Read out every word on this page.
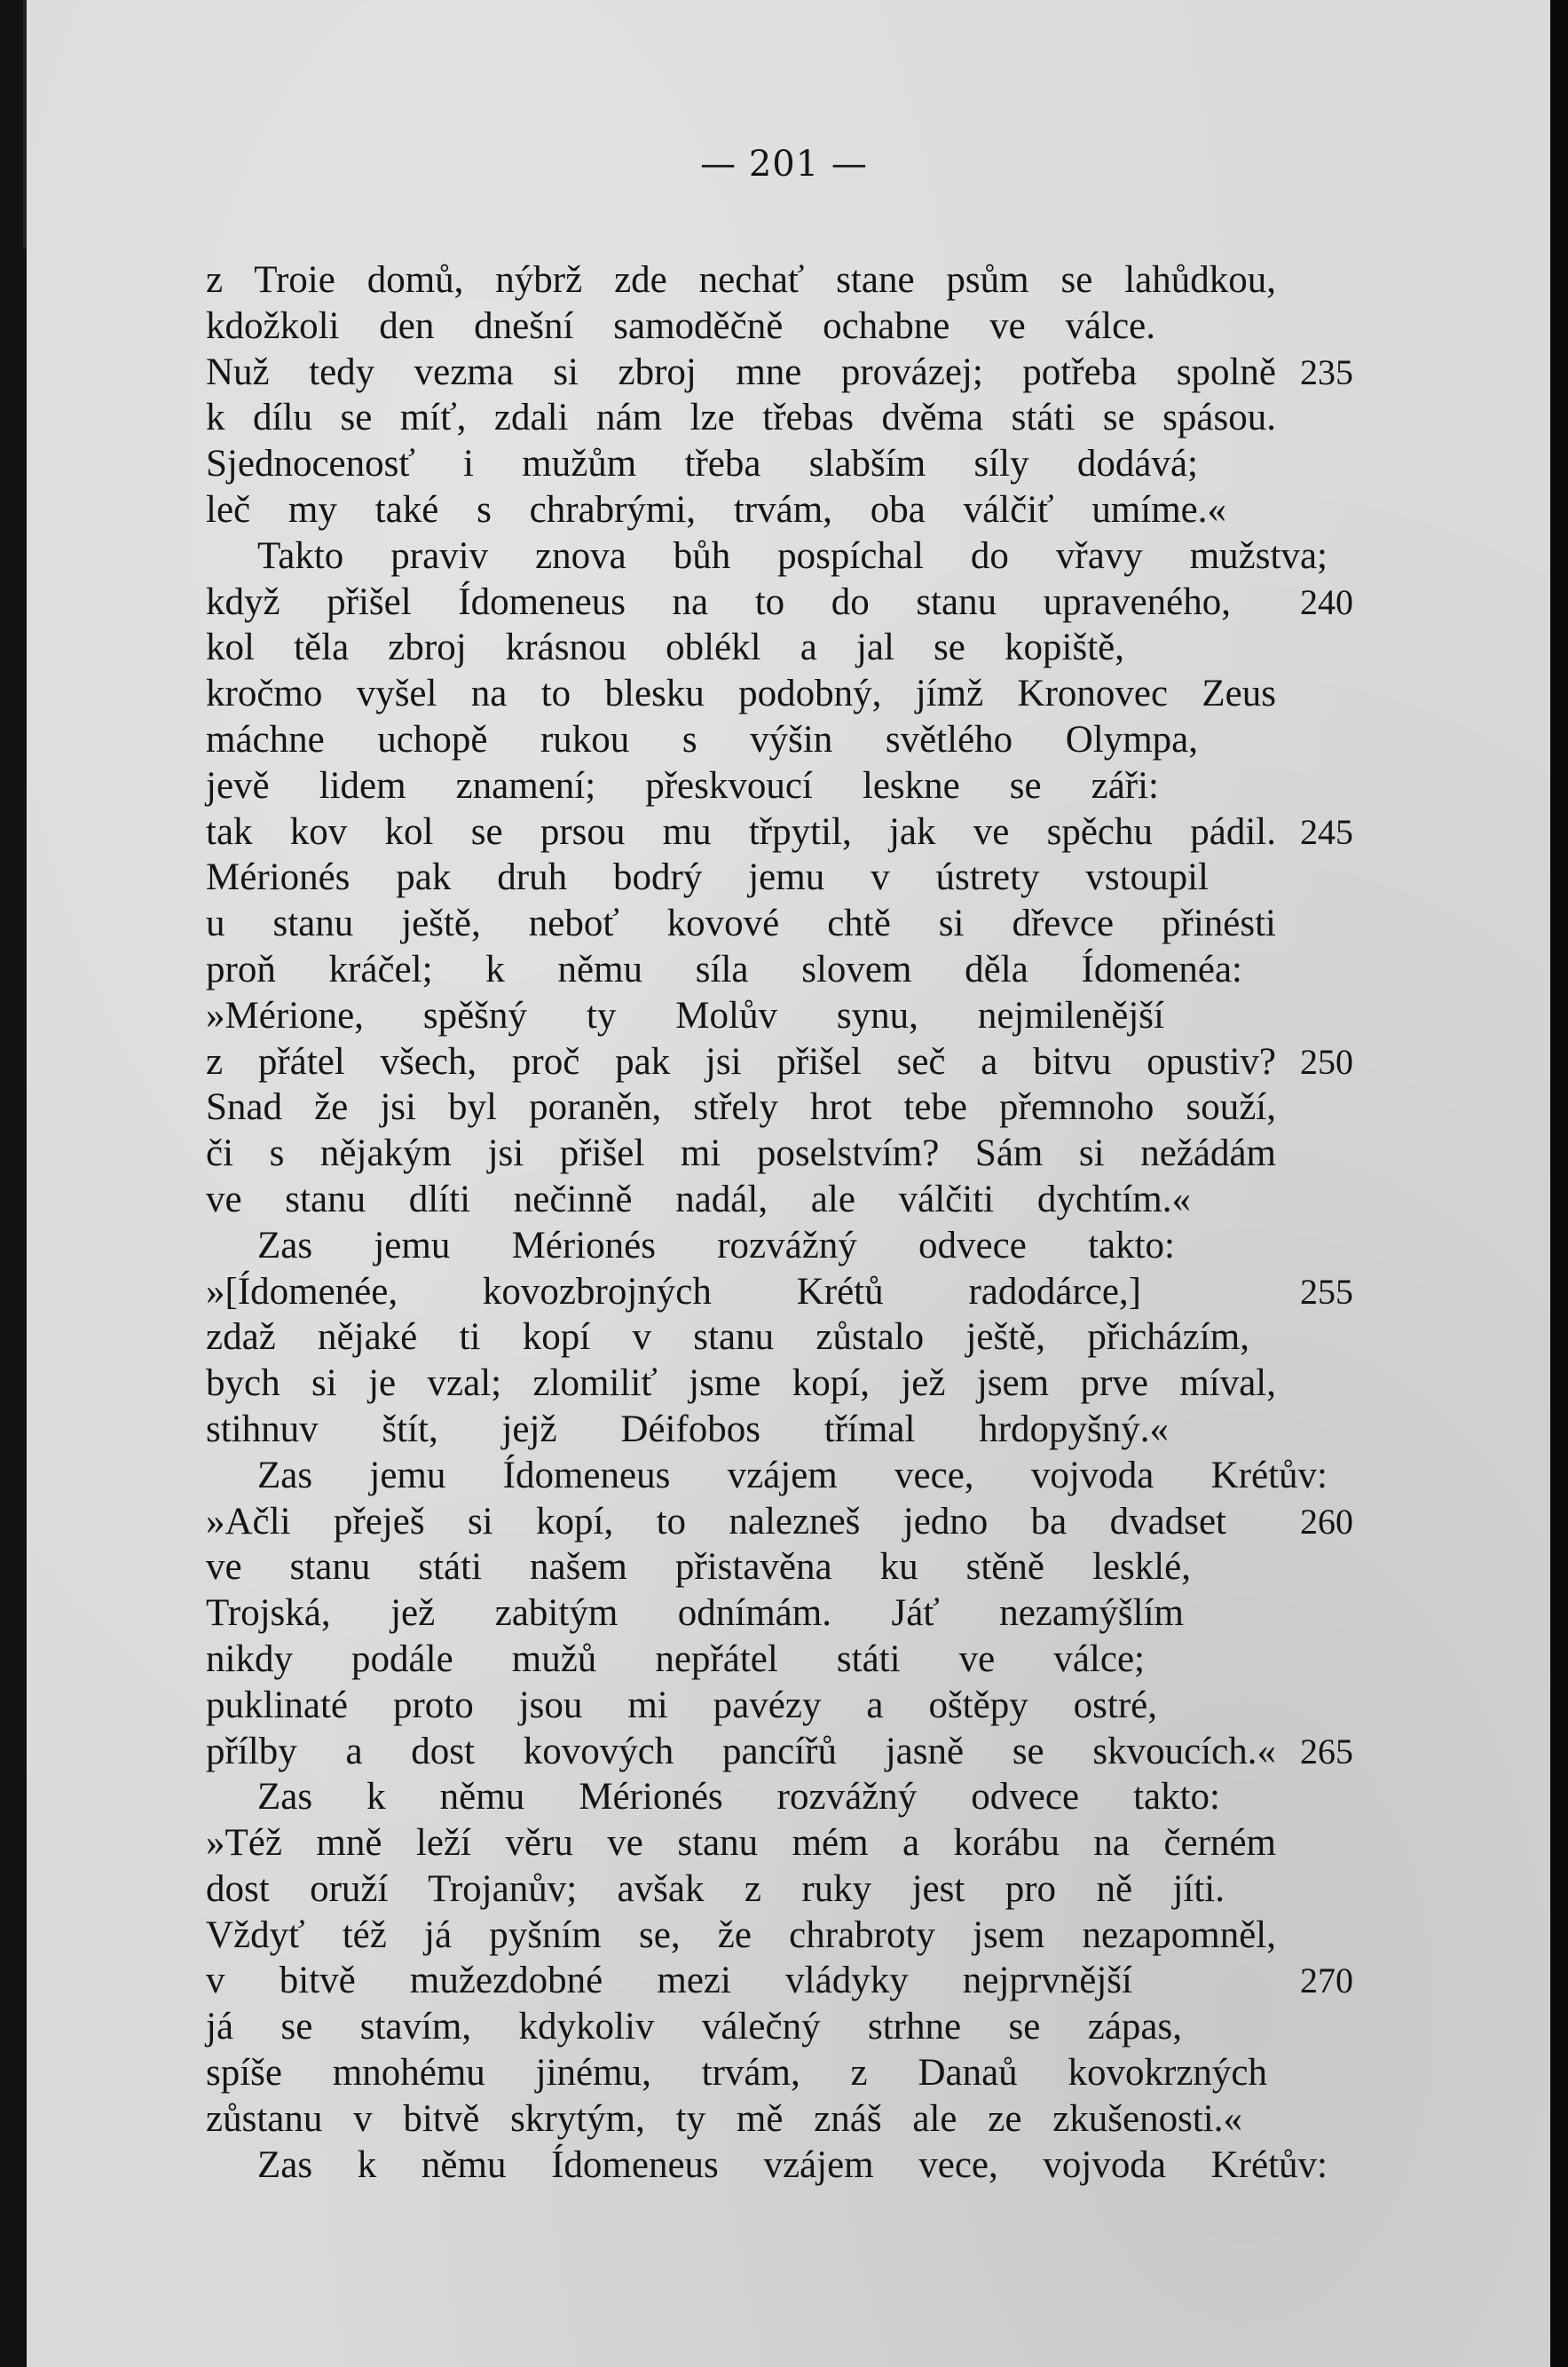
— 201 —
z Troie domů, nýbrž zde nechať stane psům se lahůdkou,
kdožkoli den dnešní samoděčně ochabne ve válce.
Nuž tedy vezma si zbroj mne provázej; potřeba spolně 235
k dílu se míť, zdali nám lze třebas dvěma státi se spásou.
Sjednocenosť i mužům třeba slabším síly dodává;
leč my také s chrabrými, trvám, oba válčiť umíme.«
Takto praviv znova bůh pospíchal do vřavy mužstva;
když přišel Ídomeneus na to do stanu upraveného, 240
kol těla zbroj krásnou oblékl a jal se kopiště,
kročmo vyšel na to blesku podobný, jímž Kronovec Zeus
máchne uchopě rukou s výšin světlého Olympa,
jevě lidem znamení; přeskvoucí leskne se záři:
tak kov kol se prsou mu třpytil, jak ve spěchu pádil. 245
Mérionés pak druh bodrý jemu v ústrety vstoupil
u stanu ještě, neboť kovové chtě si dřevce přinésti
proň kráčel; k němu síla slovem děla Ídomenéa:
»Mérione, spěšný ty Molův synu, nejmilenější
z přátel všech, proč pak jsi přišel seč a bitvu opustiv? 250
Snad že jsi byl poraněn, střely hrot tebe přemnoho souží,
či s nějakým jsi přišel mi poselstvím? Sám si nežádám
ve stanu dlíti nečinně nadál, ale válčiti dychtím.«
Zas jemu Mérionés rozvážný odvece takto:
»[Ídomenée, kovozbrojných Krétů radodárce,]	255
zdaž nějaké ti kopí v stanu zůstalo ještě, přicházím,
bych si je vzal; zlomiliť jsme kopí, jež jsem prve míval,
stihnuv štít, jejž Déifobos třímal hrdopyšný.«
Zas jemu Ídomeneus vzájem vece, vojvoda Krétův:
»Ačli přeješ si kopí, to nalezneš jedno ba dvadset 260
ve stanu státi našem přistavěna ku stěně lesklé,
Trojská, jež zabitým odnímám. Jáť nezamýšlím
nikdy podále mužů nepřátel státi ve válce;
puklinaté proto jsou mi pavézy a oštěpy ostré,
přílby a dost kovových pancířů jasně se skvoucích.« 265
Zas k němu Mérionés rozvážný odvece takto:
»Též mně leží věru ve stanu mém a korábu na černém
dost oruží Trojanův; avšak z ruky jest pro ně jíti.
Vždyť též já pyšním se, že chrabroty jsem nezapomněl,
v bitvě mužezdobné mezi vládyky nejprvnější	270
já se stavím, kdykoliv válečný strhne se zápas,
spíše mnohému jinému, trvám, z Danaů kovokrzných
zůstanu v bitvě skrytým, ty mě znáš ale ze zkušenosti.«
Zas k němu Ídomeneus vzájem vece, vojvoda Krétův:
